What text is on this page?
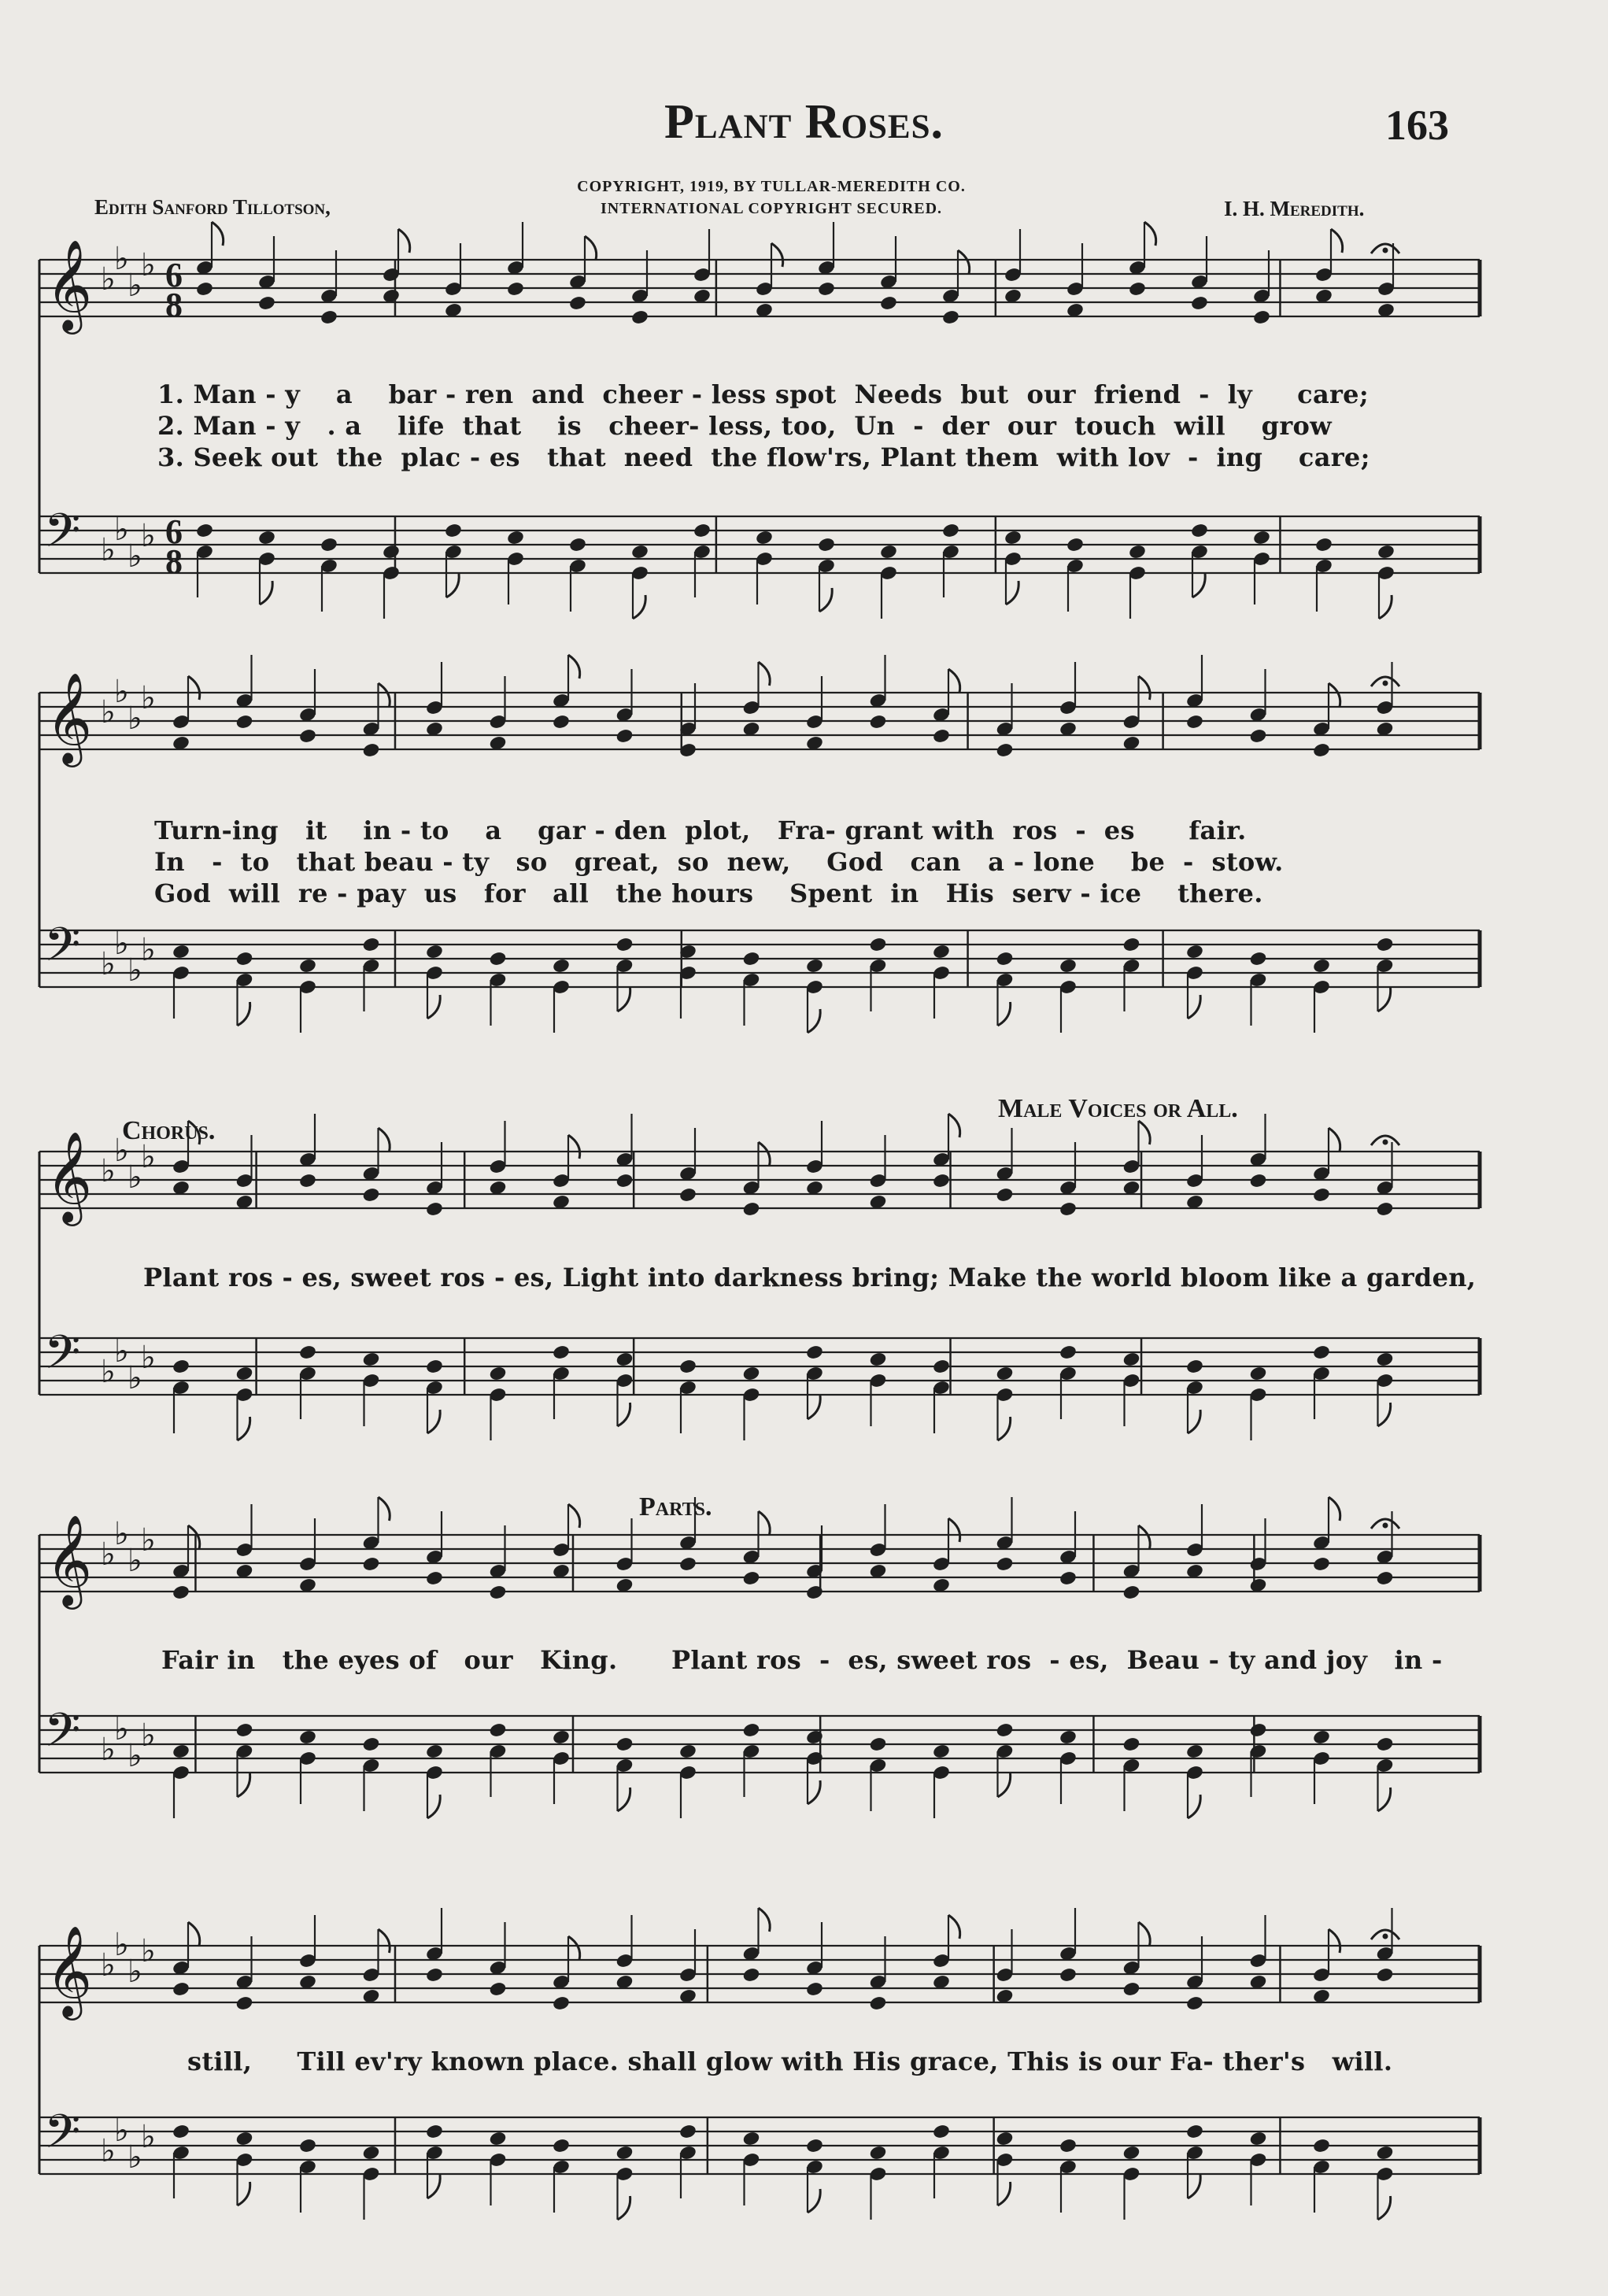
Plant Roses.	163
Edith Sanford Tillotson,
COPYRIGHT, 1919, BY TULLAR-MEREDITH CO.
INTERNATIONAL COPYRIGHT SECURED.	I. H. Meredith.
𝄞 ♭
♭
♭
♭ 6
8
𝄢 ♭
♭
♭
♭ 6
8
𝄞 ♭
♭
♭
♭
𝄢 ♭
♭
♭
♭
𝄞 ♭
♭
♭
♭
𝄢 ♭
♭
♭
♭
𝄞 ♭
♭
♭
♭
𝄢 ♭
♭
♭
♭
𝄞 ♭
♭
♭
♭
𝄢 ♭
♭
♭
♭
1. Man - y    a    bar - ren  and  cheer - less spot  Needs  but  our  friend  -  ly     care;
2. Man - y   . a    life  that    is   cheer- less, too,  Un  -  der  our  touch  will    grow
3. Seek out  the  plac - es   that  need  the flow'rs, Plant them  with lov  -  ing    care;
Turn-ing   it    in - to    a    gar - den  plot,   Fra- grant with  ros  -  es      fair.
In   -  to   that beau - ty   so   great,  so  new,    God   can   a - lone    be  -  stow.
God  will  re - pay  us   for   all   the hours    Spent  in   His  serv - ice    there.
Chorus.
Male Voices or All.
Plant ros - es, sweet ros - es, Light into darkness bring; Make the world bloom like a garden,
Parts.
Fair in   the eyes of   our   King.      Plant ros  -  es, sweet ros  - es,  Beau - ty and joy   in -
still,     Till ev'ry known place. shall glow with His grace, This is our Fa- ther's   will.
